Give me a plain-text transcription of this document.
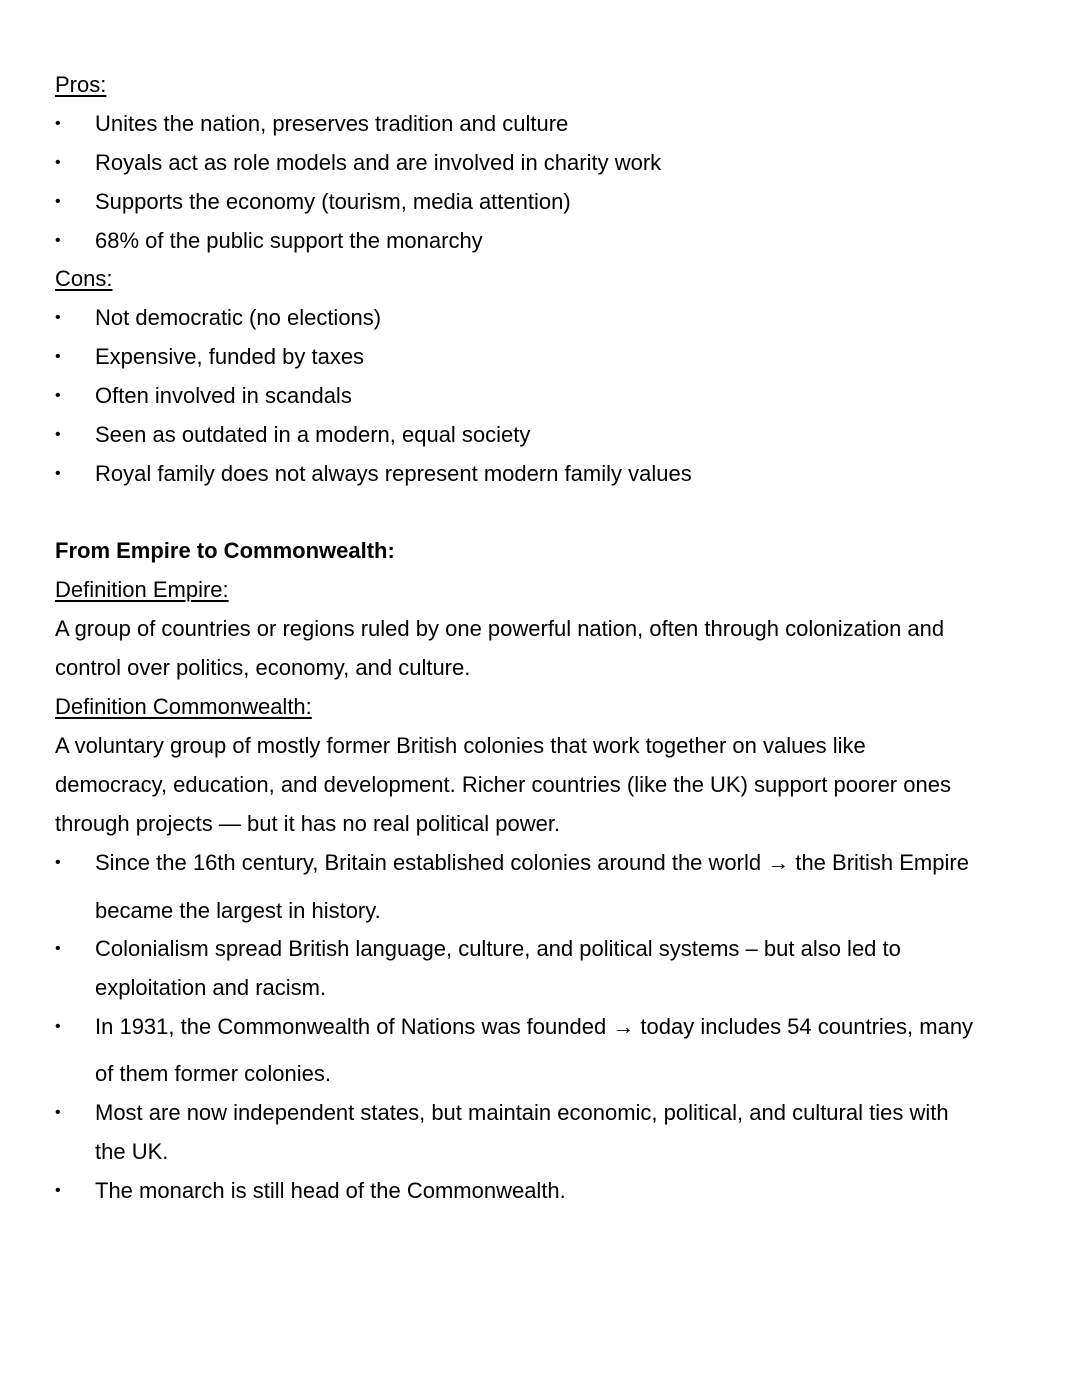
Pros:
• Unites the nation, preserves tradition and culture
• Royals act as role models and are involved in charity work
• Supports the economy (tourism, media attention)
• 68% of the public support the monarchy
Cons:
• Not democratic (no elections)
• Expensive, funded by taxes
• Often involved in scandals
• Seen as outdated in a modern, equal society
• Royal family does not always represent modern family values
From Empire to Commonwealth:
Definition Empire:
A group of countries or regions ruled by one powerful nation, often through colonization and
control over politics, economy, and culture.
Definition Commonwealth:
A voluntary group of mostly former British colonies that work together on values like
democracy, education, and development. Richer countries (like the UK) support poorer ones
through projects — but it has no real political power.
• Since the 16th century, Britain established colonies around the world → the British Empire
became the largest in history.
• Colonialism spread British language, culture, and political systems – but also led to
exploitation and racism.
• In 1931, the Commonwealth of Nations was founded → today includes 54 countries, many
of them former colonies.
• Most are now independent states, but maintain economic, political, and cultural ties with
the UK.
• The monarch is still head of the Commonwealth.
